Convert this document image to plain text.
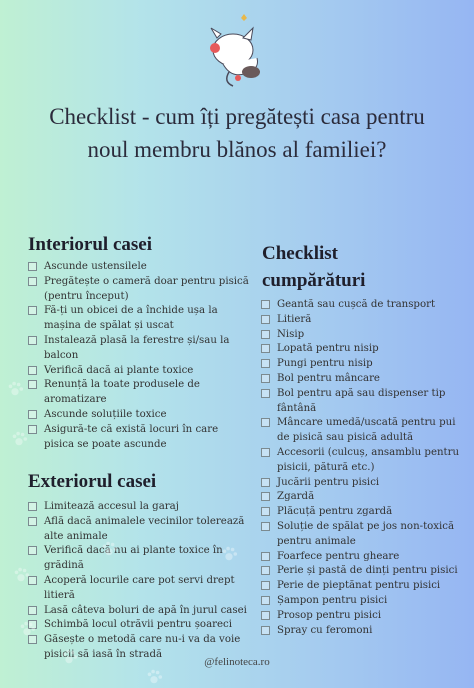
Checklist - cum îți pregătești casa pentru noul membru blănos al familiei?
Interiorul casei
Ascunde ustensilele
Pregătește o cameră doar pentru pisică (pentru început)
Fă-ți un obicei de a închide ușa la mașina de spălat și uscat
Instalează plasă la ferestre și/sau la balcon
Verifică dacă ai plante toxice
Renunță la toate produsele de aromatizare
Ascunde soluțiile toxice
Asigură-te că există locuri în care pisica se poate ascunde
Exteriorul casei
Limitează accesul la garaj
Află dacă animalele vecinilor tolerează alte animale
Verifică dacă nu ai plante toxice în grădină
Acoperă locurile care pot servi drept litieră
Lasă câteva boluri de apă în jurul casei
Schimbă locul otrăvii pentru șoareci
Găsește o metodă care nu-i va da voie pisicii să iasă în stradă
Checklist
cumpărături
Geantă sau cușcă de transport
Litieră
Nisip
Lopată pentru nisip
Pungi pentru nisip
Bol pentru mâncare
Bol pentru apă sau dispenser tip fântână
Mâncare umedă/uscată pentru pui de pisică sau pisică adultă
Accesorii (culcuș, ansamblu pentru pisicii, pătură etc.)
Jucării pentru pisici
Zgardă
Plăcuță pentru zgardă
Soluție de spălat pe jos non-toxică pentru animale
Foarfece pentru gheare
Perie și pastă de dinți pentru pisici
Perie de pieptănat pentru pisici
Șampon pentru pisici
Prosop pentru pisici
Spray cu feromoni
@felinoteca.ro
